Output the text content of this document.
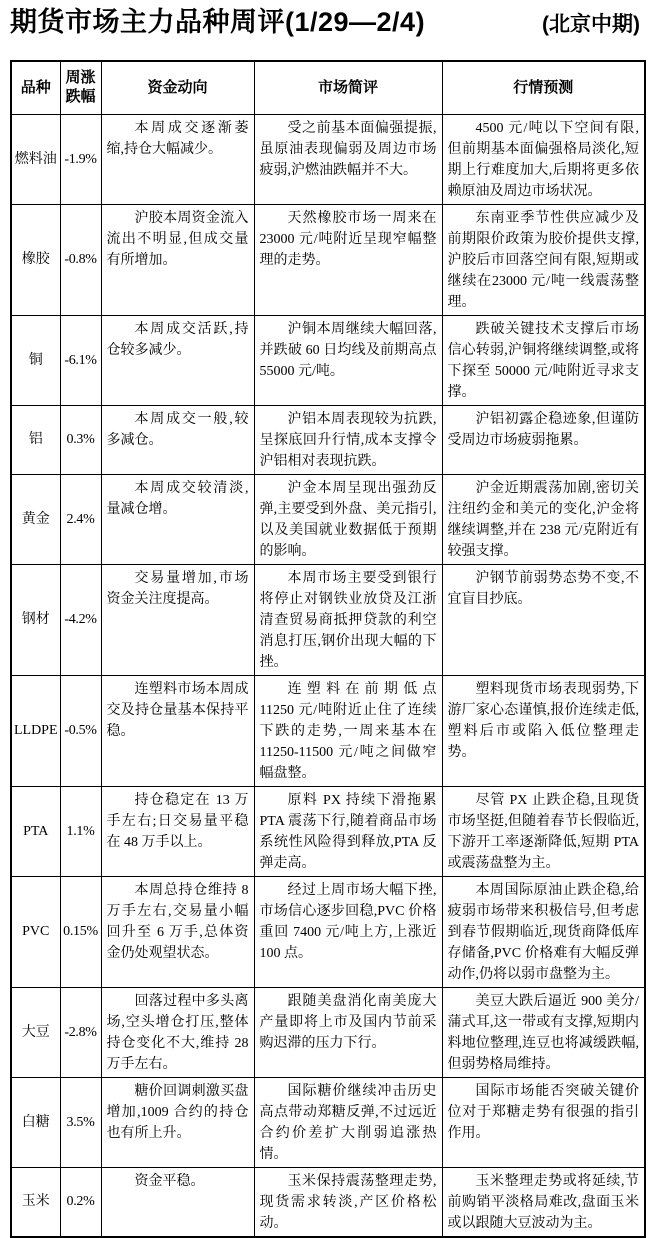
期货市场主力品种周评(1/29—2/4)	(北京中期)
品种	周涨跌幅	资金动向	市场简评	行情预测
燃料油	-1.9%	本周成交逐渐萎缩,持仓大幅减少。	受之前基本面偏强提振,虽原油表现偏弱及周边市场疲弱,沪燃油跌幅并不大。	4500 元/吨以下空间有限,但前期基本面偏强格局淡化,短期上行难度加大,后期将更多依赖原油及周边市场状况。
橡胶	-0.8%	沪胶本周资金流入流出不明显,但成交量有所增加。	天然橡胶市场一周来在23000 元/吨附近呈现窄幅整理的走势。	东南亚季节性供应减少及前期限价政策为胶价提供支撑,沪胶后市回落空间有限,短期或继续在23000 元/吨一线震荡整理。
铜	-6.1%	本周成交活跃,持仓较多减少。	沪铜本周继续大幅回落,并跌破 60 日均线及前期高点 55000 元/吨。	跌破关键技术支撑后市场信心转弱,沪铜将继续调整,或将下探至 50000 元/吨附近寻求支撑。
铝	0.3%	本周成交一般,较多减仓。	沪铝本周表现较为抗跌,呈探底回升行情,成本支撑令沪铝相对表现抗跌。	沪铝初露企稳迹象,但谨防受周边市场疲弱拖累。
黄金	2.4%	本周成交较清淡,量减仓增。	沪金本周呈现出强劲反弹,主要受到外盘、美元指引,以及美国就业数据低于预期的影响。	沪金近期震荡加剧,密切关注纽约金和美元的变化,沪金将继续调整,并在 238 元/克附近有较强支撑。
钢材	-4.2%	交易量增加,市场资金关注度提高。	本周市场主要受到银行将停止对钢铁业放贷及江浙清查贸易商抵押贷款的利空消息打压,钢价出现大幅的下挫。	沪钢节前弱势态势不变,不宜盲目抄底。
LLDPE	-0.5%	连塑料市场本周成交及持仓量基本保持平稳。	连塑料在前期低点 11250 元/吨附近止住了连续下跌的走势,一周来基本在 11250-11500 元/吨之间做窄幅盘整。	塑料现货市场表现弱势,下游厂家心态谨慎,报价连续走低,塑料后市或陷入低位整理走势。
PTA	1.1%	持仓稳定在 13 万手左右;日交易量平稳在 48 万手以上。	原料 PX 持续下滑拖累 PTA 震荡下行,随着商品市场系统性风险得到释放,PTA 反弹走高。	尽管 PX 止跌企稳,且现货市场坚挺,但随着春节长假临近,下游开工率逐渐降低,短期 PTA 或震荡盘整为主。
PVC	0.15%	本周总持仓维持 8 万手左右,交易量小幅回升至 6 万手,总体资金仍处观望状态。	经过上周市场大幅下挫,市场信心逐步回稳,PVC 价格重回 7400 元/吨上方,上涨近 100 点。	本周国际原油止跌企稳,给疲弱市场带来积极信号,但考虑到春节假期临近,现货商降低库存储备,PVC 价格难有大幅反弹动作,仍将以弱市盘整为主。
大豆	-2.8%	回落过程中多头离场,空头增仓打压,整体持仓变化不大,维持 28 万手左右。	跟随美盘消化南美庞大产量即将上市及国内节前采购迟滞的压力下行。	美豆大跌后逼近 900 美分/蒲式耳,这一带或有支撑,短期内料地位整理,连豆也将减缓跌幅,但弱势格局维持。
白糖	3.5%	糖价回调刺激买盘增加,1009 合约的持仓也有所上升。	国际糖价继续冲击历史高点带动郑糖反弹,不过远近合约价差扩大削弱追涨热情。	国际市场能否突破关键价位对于郑糖走势有很强的指引作用。
玉米	0.2%	资金平稳。	玉米保持震荡整理走势,现货需求转淡,产区价格松动。	玉米整理走势或将延续,节前购销平淡格局难改,盘面玉米或以跟随大豆波动为主。
